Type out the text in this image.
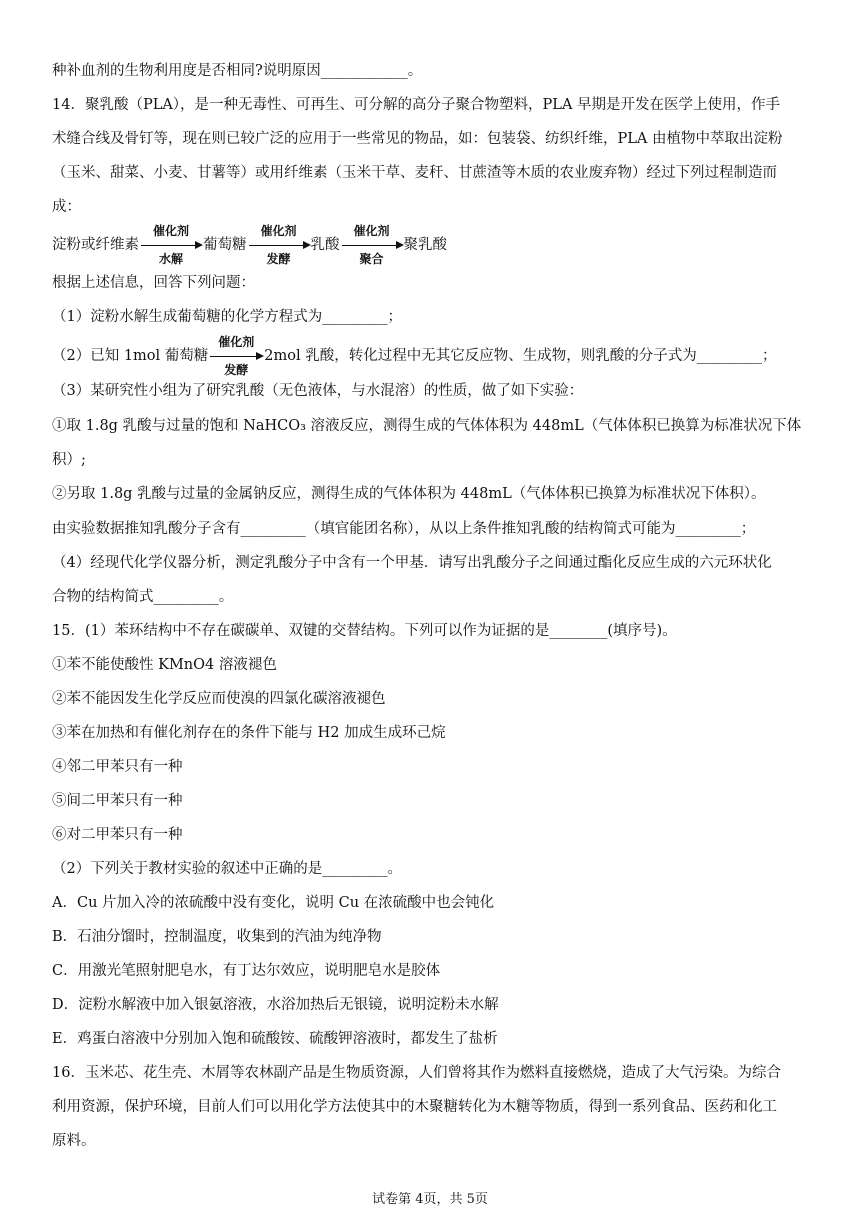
种补血剂的生物利用度是否相同?说明原因____________。
14．聚乳酸（PLA），是一种无毒性、可再生、可分解的高分子聚合物塑料，PLA 早期是开发在医学上使用，作手
术缝合线及骨钉等，现在则已较广泛的应用于一些常见的物品，如：包装袋、纺织纤维，PLA 由植物中萃取出淀粉
（玉米、甜菜、小麦、甘薯等）或用纤维素（玉米干草、麦秆、甘蔗渣等木质的农业废弃物）经过下列过程制造而
成：
淀粉或纤维素
催化剂
水解
葡萄糖
催化剂
发酵
乳酸
催化剂
聚合
聚乳酸
根据上述信息，回答下列问题：
（1）淀粉水解生成葡萄糖的化学方程式为_________；
（2）已知 1mol 葡萄糖
催化剂
发酵
2mol 乳酸，转化过程中无其它反应物、生成物，则乳酸的分子式为_________；
（3）某研究性小组为了研究乳酸（无色液体，与水混溶）的性质，做了如下实验：
①取 1.8g 乳酸与过量的饱和 NaHCO₃ 溶液反应，测得生成的气体体积为 448mL（气体体积已换算为标准状况下体
积）;
②另取 1.8g 乳酸与过量的金属钠反应，测得生成的气体体积为 448mL（气体体积已换算为标准状况下体积）。
由实验数据推知乳酸分子含有_________（填官能团名称），从以上条件推知乳酸的结构简式可能为_________；
（4）经现代化学仪器分析，测定乳酸分子中含有一个甲基．请写出乳酸分子之间通过酯化反应生成的六元环状化
合物的结构简式_________。
15．(1）苯环结构中不存在碳碳单、双键的交替结构。下列可以作为证据的是________(填序号)。
①苯不能使酸性 KMnO4 溶液褪色
②苯不能因发生化学反应而使溴的四氯化碳溶液褪色
③苯在加热和有催化剂存在的条件下能与 H2 加成生成环己烷
④邻二甲苯只有一种
⑤间二甲苯只有一种
⑥对二甲苯只有一种
（2）下列关于教材实验的叙述中正确的是_________。
A．Cu 片加入冷的浓硫酸中没有变化，说明 Cu 在浓硫酸中也会钝化
B．石油分馏时，控制温度，收集到的汽油为纯净物
C．用激光笔照射肥皂水，有丁达尔效应，说明肥皂水是胶体
D．淀粉水解液中加入银氨溶液，水浴加热后无银镜，说明淀粉未水解
E．鸡蛋白溶液中分别加入饱和硫酸铵、硫酸钾溶液时，都发生了盐析
16．玉米芯、花生壳、木屑等农林副产品是生物质资源，人们曾将其作为燃料直接燃烧，造成了大气污染。为综合
利用资源，保护环境，目前人们可以用化学方法使其中的木聚糖转化为木糖等物质，得到一系列食品、医药和化工
原料。
试卷第 4页，共 5页
